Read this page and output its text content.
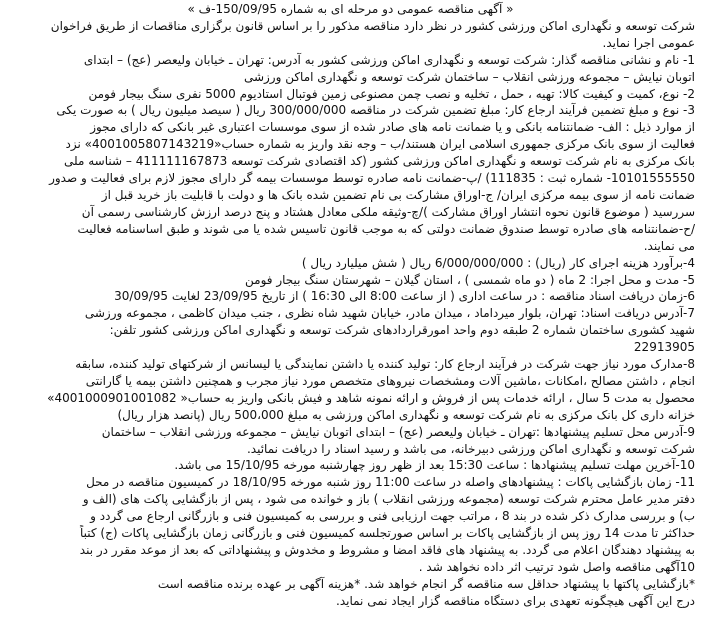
« آگهی مناقصه عمومی دو مرحله ای به شماره 150/09/95-ف »
شرکت توسعه و نگهداری اماکن ورزشی کشور در نظر دارد مناقصه مذکور را بر اساس قانون برگزاری مناقصات از طریق فراخوان
عمومی اجرا نماید.
1- نام و نشانی مناقصه گذار: شرکت توسعه و نگهداری اماکن ورزشی کشور به آدرس: تهران ـ خیابان ولیعصر (عج) – ابتدای
اتوبان نیایش – مجموعه ورزشی انقلاب – ساختمان شرکت توسعه و نگهداری اماکن ورزشی
2- نوع، کمیت و کیفیت کالا: تهیه ، حمل ، تخلیه و نصب چمن مصنوعی زمین فوتبال استادیوم 5000 نفری سنگ بیجار فومن
3- نوع و مبلغ تضمین فرآیند ارجاع کار: مبلغ تضمین شرکت در مناقصه 300/000/000 ریال ( سیصد میلیون ریال ) به صورت یکی
از موارد ذیل : الف- ضمانتنامه بانکی و یا ضمانت نامه های صادر شده از سوی موسسات اعتباری غیر بانکی که دارای مجوز
فعالیت از سوی بانک مرکزی جمهوری اسلامی ایران هستند/ب – وجه نقد واریز به شماره حساب«4001005807143219» نزد
بانک مرکزی به نام شرکت توسعه و نگهداری اماکن ورزشی کشور (کد اقتصادی شرکت توسعه 411111167873 – شناسه ملی
10101555550- شماره ثبت : 111835) /پ-ضمانت نامه صادره توسط موسسات بیمه گر دارای مجوز لازم برای فعالیت و صدور
ضمانت نامه از سوی بیمه مرکزی ایران/ ج-اوراق مشارکت بی نام تضمین شده بانک ها و دولت با قابلیت باز خرید قبل از
سررسید ( موضوع قانون نحوه انتشار اوراق مشارکت )/چ-وثیقه ملکی معادل هشتاد و پنج درصد ارزش کارشناسی رسمی آن
/ح-ضمانتنامه های صادره توسط صندوق ضمانت دولتی که به موجب قانون تاسیس شده یا می شوند و طبق اساسنامه فعالیت
می نمایند.
4-برآورد هزینه اجرای کار (ریال) : 6/000/000/000 ریال ( شش میلیارد ریال )
5- مدت و محل اجرا: 2 ماه ( دو ماه شمسی ) ، استان گیلان – شهرستان سنگ بیجار فومن
6-زمان دریافت اسناد مناقصه : در ساعت اداری ( از ساعت 8:00 الی 16:30 ) از تاریخ 23/09/95 لغایت 30/09/95
7-آدرس دریافت اسناد: تهران، بلوار میرداماد ، میدان مادر، خیابان شهید شاه نظری ، جنب میدان کاظمی ، مجموعه ورزشی
شهید کشوری ساختمان شماره 2 طبقه دوم واحد امورقراردادهای شرکت توسعه و نگهداری اماکن ورزشی کشور تلفن:
22913905
8-مدارک مورد نیاز جهت شرکت در فرآیند ارجاع کار: تولید کننده یا داشتن نمایندگی یا لیسانس از شرکتهای تولید کننده، سابقه
انجام ، داشتن مصالح ،امکانات ،ماشین آلات ومشخصات نیروهای متخصص مورد نیاز مجرب و همچنین داشتن بیمه یا گارانتی
محصول به مدت 5 سال ، ارائه خدمات پس از فروش و ارائه نمونه شاهد و فیش بانکی واریز به حساب« 4001000901001082»
خزانه داری کل بانک مرکزی به نام شرکت توسعه و نگهداری اماکن ورزشی به مبلغ 500،000 ریال (پانصد هزار ریال)
9-آدرس محل تسلیم پیشنهادها :تهران ـ خیابان ولیعصر (عج) – ابتدای اتوبان نیایش – مجموعه ورزشی انقلاب – ساختمان
شرکت توسعه و نگهداری اماکن ورزشی دبیرخانه، می باشد و رسید اسناد را دریافت نمائید.
10-آخرین مهلت تسلیم پیشنهادها : ساعت 15:30 بعد از ظهر روز چهارشنبه مورخه 15/10/95 می باشد.
11- زمان بازگشایی پاکات : پیشنهادهای واصله در ساعت 11:00 روز شنبه مورخه 18/10/95 در کمیسیون مناقصه در محل
دفتر مدیر عامل محترم شرکت توسعه (مجموعه ورزشی انقلاب ) باز و خوانده می شود ، پس از بازگشایی پاکت های (الف و
ب) و بررسی مدارک ذکر شده در بند 8 ، مراتب جهت ارزیابی فنی و بررسی به کمیسیون فنی و بازرگانی ارجاع می گردد و
حداکثر تا مدت 14 روز پس از بازگشایی پاکات بر اساس صورتجلسه کمیسیون فنی و بازرگانی زمان بازگشایی پاکات (ج) کتباً
به پیشنهاد دهندگان اعلام می گردد. به پیشنهاد های فاقد امضا و مشروط و مخدوش و پیشنهاداتی که بعد از موعد مقرر در بند
10آگهی مناقصه واصل شود ترتیب اثر داده نخواهد شد .
*بازگشایی پاکتها با پیشنهاد حداقل سه مناقصه گر انجام خواهد شد. *هزینه آگهی بر عهده برنده مناقصه است
درج این آگهی هیچگونه تعهدی برای دستگاه مناقصه گزار ایجاد نمی نماید.
